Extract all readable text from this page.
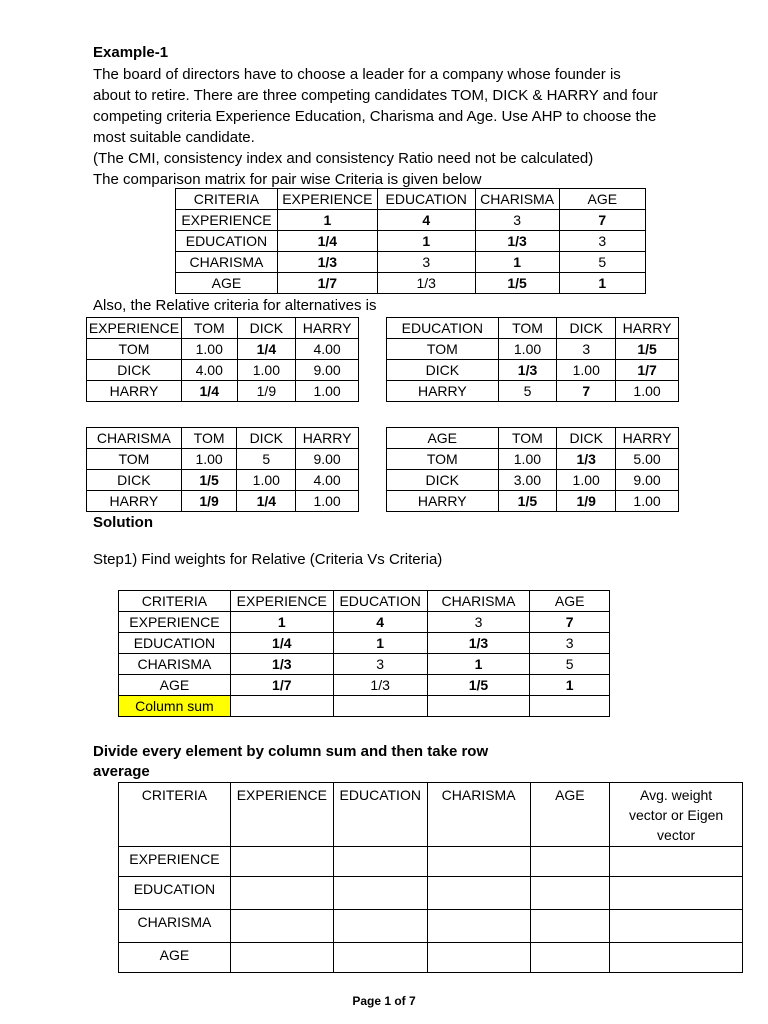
Example-1

The board of directors have to choose a leader for a company whose founder is

about to retire. There are three competing candidates TOM, DICK & HARRY and four

competing criteria Experience Education, Charisma and Age. Use AHP to choose the

most suitable candidate.

(The CMI, consistency index and consistency Ratio need not be calculated)

The comparison matrix for pair wise Criteria is given below

CRITERIA	EXPERIENCE	EDUCATION	CHARISMA	AGE
EXPERIENCE	1	4	3	7
EDUCATION	1/4	1	1/3	3
CHARISMA	1/3	3	1	5
AGE	1/7	1/3	1/5	1
Also, the Relative criteria for alternatives is
EXPERIENCE	TOM	DICK	HARRY
TOM	1.00	1/4	4.00
DICK	4.00	1.00	9.00
HARRY	1/4	1/9	1.00
EDUCATION	TOM	DICK	HARRY
TOM	1.00	3	1/5
DICK	1/3	1.00	1/7
HARRY	5	7	1.00
CHARISMA	TOM	DICK	HARRY
TOM	1.00	5	9.00
DICK	1/5	1.00	4.00
HARRY	1/9	1/4	1.00
AGE	TOM	DICK	HARRY
TOM	1.00	1/3	5.00
DICK	3.00	1.00	9.00
HARRY	1/5	1/9	1.00
Solution
Step1) Find weights for Relative (Criteria Vs Criteria)
CRITERIA	EXPERIENCE	EDUCATION	CHARISMA	AGE
EXPERIENCE	1	4	3	7
EDUCATION	1/4	1	1/3	3
CHARISMA	1/3	3	1	5
AGE	1/7	1/3	1/5	1
Column sum				
Divide every element by column sum and then take row
average
CRITERIA	EXPERIENCE	EDUCATION	CHARISMA	AGE	Avg. weight
vector or Eigen
vector

EXPERIENCE					
EDUCATION					
CHARISMA					
AGE					
Page 1 of 7
